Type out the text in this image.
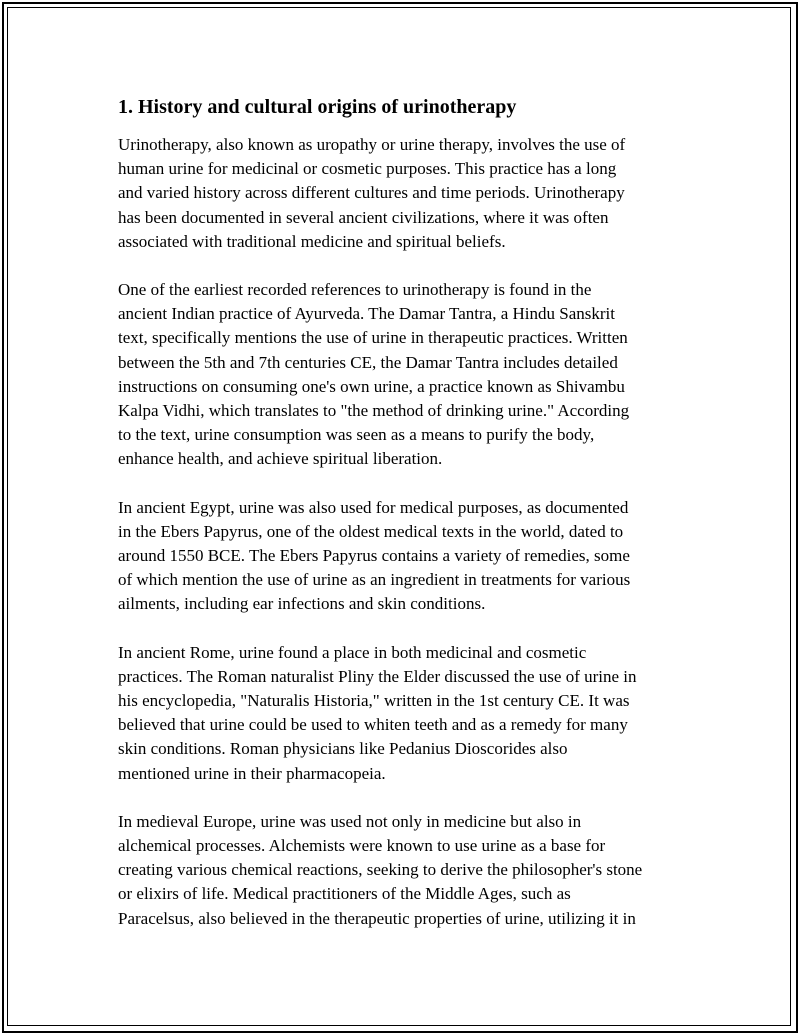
1. History and cultural origins of urinotherapy

Urinotherapy, also known as uropathy or urine therapy, involves the use of
human urine for medicinal or cosmetic purposes. This practice has a long
and varied history across different cultures and time periods. Urinotherapy
has been documented in several ancient civilizations, where it was often
associated with traditional medicine and spiritual beliefs.

One of the earliest recorded references to urinotherapy is found in the
ancient Indian practice of Ayurveda. The Damar Tantra, a Hindu Sanskrit
text, specifically mentions the use of urine in therapeutic practices. Written
between the 5th and 7th centuries CE, the Damar Tantra includes detailed
instructions on consuming one's own urine, a practice known as Shivambu
Kalpa Vidhi, which translates to "the method of drinking urine." According
to the text, urine consumption was seen as a means to purify the body,
enhance health, and achieve spiritual liberation.

In ancient Egypt, urine was also used for medical purposes, as documented
in the Ebers Papyrus, one of the oldest medical texts in the world, dated to
around 1550 BCE. The Ebers Papyrus contains a variety of remedies, some
of which mention the use of urine as an ingredient in treatments for various
ailments, including ear infections and skin conditions.

In ancient Rome, urine found a place in both medicinal and cosmetic
practices. The Roman naturalist Pliny the Elder discussed the use of urine in
his encyclopedia, "Naturalis Historia," written in the 1st century CE. It was
believed that urine could be used to whiten teeth and as a remedy for many
skin conditions. Roman physicians like Pedanius Dioscorides also
mentioned urine in their pharmacopeia.

In medieval Europe, urine was used not only in medicine but also in
alchemical processes. Alchemists were known to use urine as a base for
creating various chemical reactions, seeking to derive the philosopher's stone
or elixirs of life. Medical practitioners of the Middle Ages, such as
Paracelsus, also believed in the therapeutic properties of urine, utilizing it in
